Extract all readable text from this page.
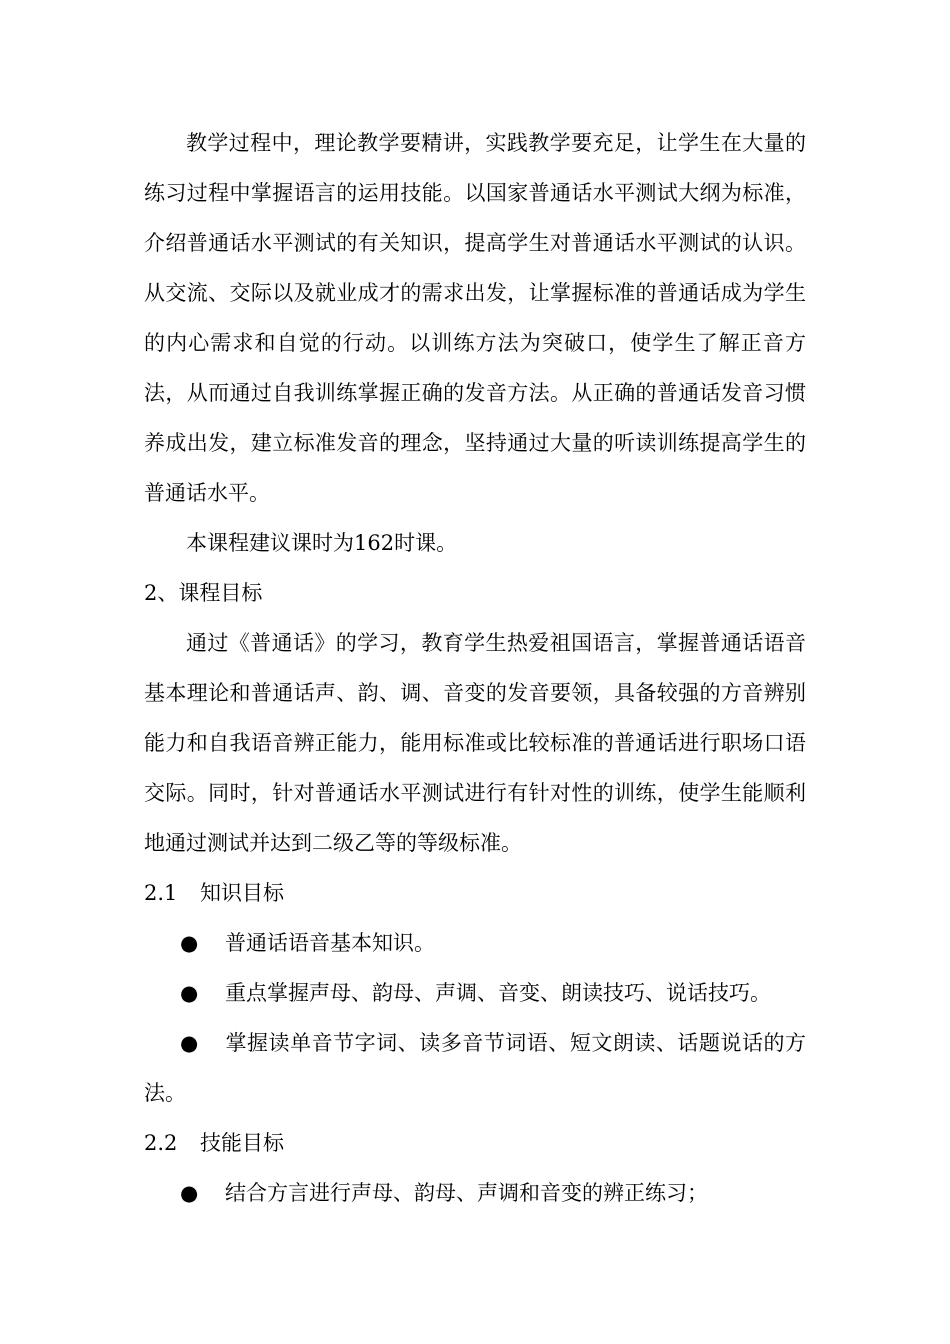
教学过程中，理论教学要精讲，实践教学要充足，让学生在大量的练习过程中掌握语言的运用技能。以国家普通话水平测试大纲为标准，介绍普通话水平测试的有关知识，提高学生对普通话水平测试的认识。从交流、交际以及就业成才的需求出发，让掌握标准的普通话成为学生的内心需求和自觉的行动。以训练方法为突破口，使学生了解正音方法，从而通过自我训练掌握正确的发音方法。从正确的普通话发音习惯养成出发，建立标准发音的理念，坚持通过大量的听读训练提高学生的普通话水平。

本课程建议课时为162时课。

2、课程目标

通过《普通话》的学习，教育学生热爱祖国语言，掌握普通话语音基本理论和普通话声、韵、调、音变的发音要领，具备较强的方音辨别能力和自我语音辨正能力，能用标准或比较标准的普通话进行职场口语交际。同时，针对普通话水平测试进行有针对性的训练，使学生能顺利地通过测试并达到二级乙等的等级标准。

2.1 知识目标

● 普通话语音基本知识。

● 重点掌握声母、韵母、声调、音变、朗读技巧、说话技巧。

● 掌握读单音节字词、读多音节词语、短文朗读、话题说话的方法。

2.2 技能目标

● 结合方言进行声母、韵母、声调和音变的辨正练习；
